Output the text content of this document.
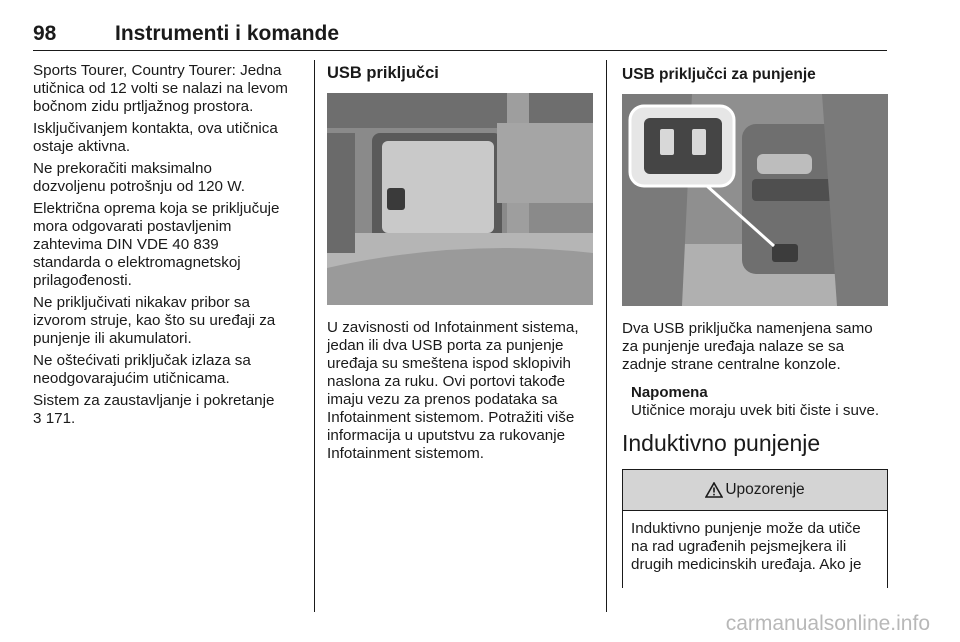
98	Instrumenti i komande

Sports Tourer, Country Tourer: Jedna utičnica od 12 volti se nalazi na levom bočnom zidu prtljažnog prostora.

Isključivanjem kontakta, ova utičnica ostaje aktivna.

Ne prekoračiti maksimalno
dozvoljenu potrošnju od 120 W.

Električna oprema koja se priključuje mora odgovarati postavljenim
zahtevima DIN VDE 40 839
standarda o elektromagnetskoj
prilagođenosti.

Ne priključivati nikakav pribor sa izvorom struje, kao što su uređaji za punjenje ili akumulatori.

Ne oštećivati priključak izlaza sa neodgovarajućim utičnicama.

Sistem za zaustavljanje i pokretanje
3 171.

USB priključci

U zavisnosti od Infotainment sistema, jedan ili dva USB porta za punjenje uređaja su smeštena ispod sklopivih naslona za ruku. Ovi portovi takođe imaju vezu za prenos podataka sa Infotainment sistemom. Potražiti više informacija u uputstvu za rukovanje Infotainment sistemom.

USB priključci za punjenje

Dva USB priključka namenjena samo za punjenje uređaja nalaze se sa zadnje strane centralne konzole.

Napomena

Utičnice moraju uvek biti čiste i suve.

Induktivno punjenje
Upozorenje
Induktivno punjenje može da utiče na rad ugrađenih pejsmejkera ili drugih medicinskih uređaja. Ako je
carmanualsonline.info
